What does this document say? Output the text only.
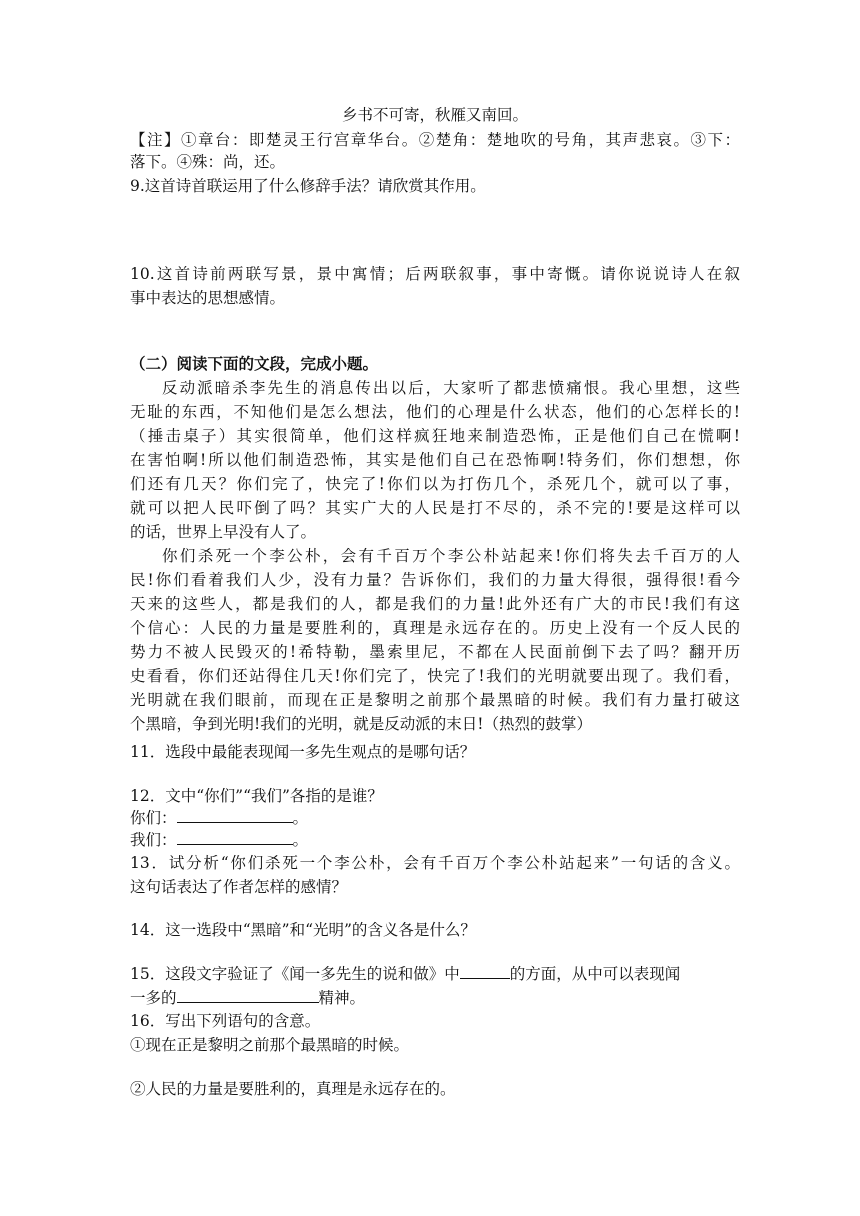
乡书不可寄，秋雁又南回。
【注】①章台：即楚灵王行宫章华台。②楚角：楚地吹的号角，其声悲哀。③下：
落下。④殊：尚，还。
9.这首诗首联运用了什么修辞手法？请欣赏其作用。
10.这首诗前两联写景，景中寓情；后两联叙事，事中寄慨。请你说说诗人在叙
事中表达的思想感情。
（二）阅读下面的文段，完成小题。
反动派暗杀李先生的消息传出以后，大家听了都悲愤痛恨。我心里想，这些
无耻的东西，不知他们是怎么想法，他们的心理是什么状态，他们的心怎样长的!
（捶击桌子）其实很简单，他们这样疯狂地来制造恐怖，正是他们自己在慌啊!
在害怕啊!所以他们制造恐怖，其实是他们自己在恐怖啊!特务们，你们想想，你
们还有几天？你们完了，快完了!你们以为打伤几个，杀死几个，就可以了事，
就可以把人民吓倒了吗？其实广大的人民是打不尽的，杀不完的!要是这样可以
的话，世界上早没有人了。
你们杀死一个李公朴，会有千百万个李公朴站起来!你们将失去千百万的人
民!你们看着我们人少，没有力量？告诉你们，我们的力量大得很，强得很!看今
天来的这些人，都是我们的人，都是我们的力量!此外还有广大的市民!我们有这
个信心：人民的力量是要胜利的，真理是永远存在的。历史上没有一个反人民的
势力不被人民毁灭的!希特勒，墨索里尼，不都在人民面前倒下去了吗？翻开历
史看看，你们还站得住几天!你们完了，快完了!我们的光明就要出现了。我们看，
光明就在我们眼前，而现在正是黎明之前那个最黑暗的时候。我们有力量打破这
个黑暗，争到光明!我们的光明，就是反动派的末日!（热烈的鼓掌）
11．选段中最能表现闻一多先生观点的是哪句话？
12．文中“你们”“我们”各指的是谁？
你们：	。
我们：	。
13．试分析“你们杀死一个李公朴，会有千百万个李公朴站起来”一句话的含义。
这句话表达了作者怎样的感情？
14．这一选段中“黑暗”和“光明”的含义各是什么？
15．这段文字验证了《闻一多先生的说和做》中	的方面，从中可以表现闻
一多的	精神。
16．写出下列语句的含意。
①现在正是黎明之前那个最黑暗的时候。
②人民的力量是要胜利的，真理是永远存在的。
